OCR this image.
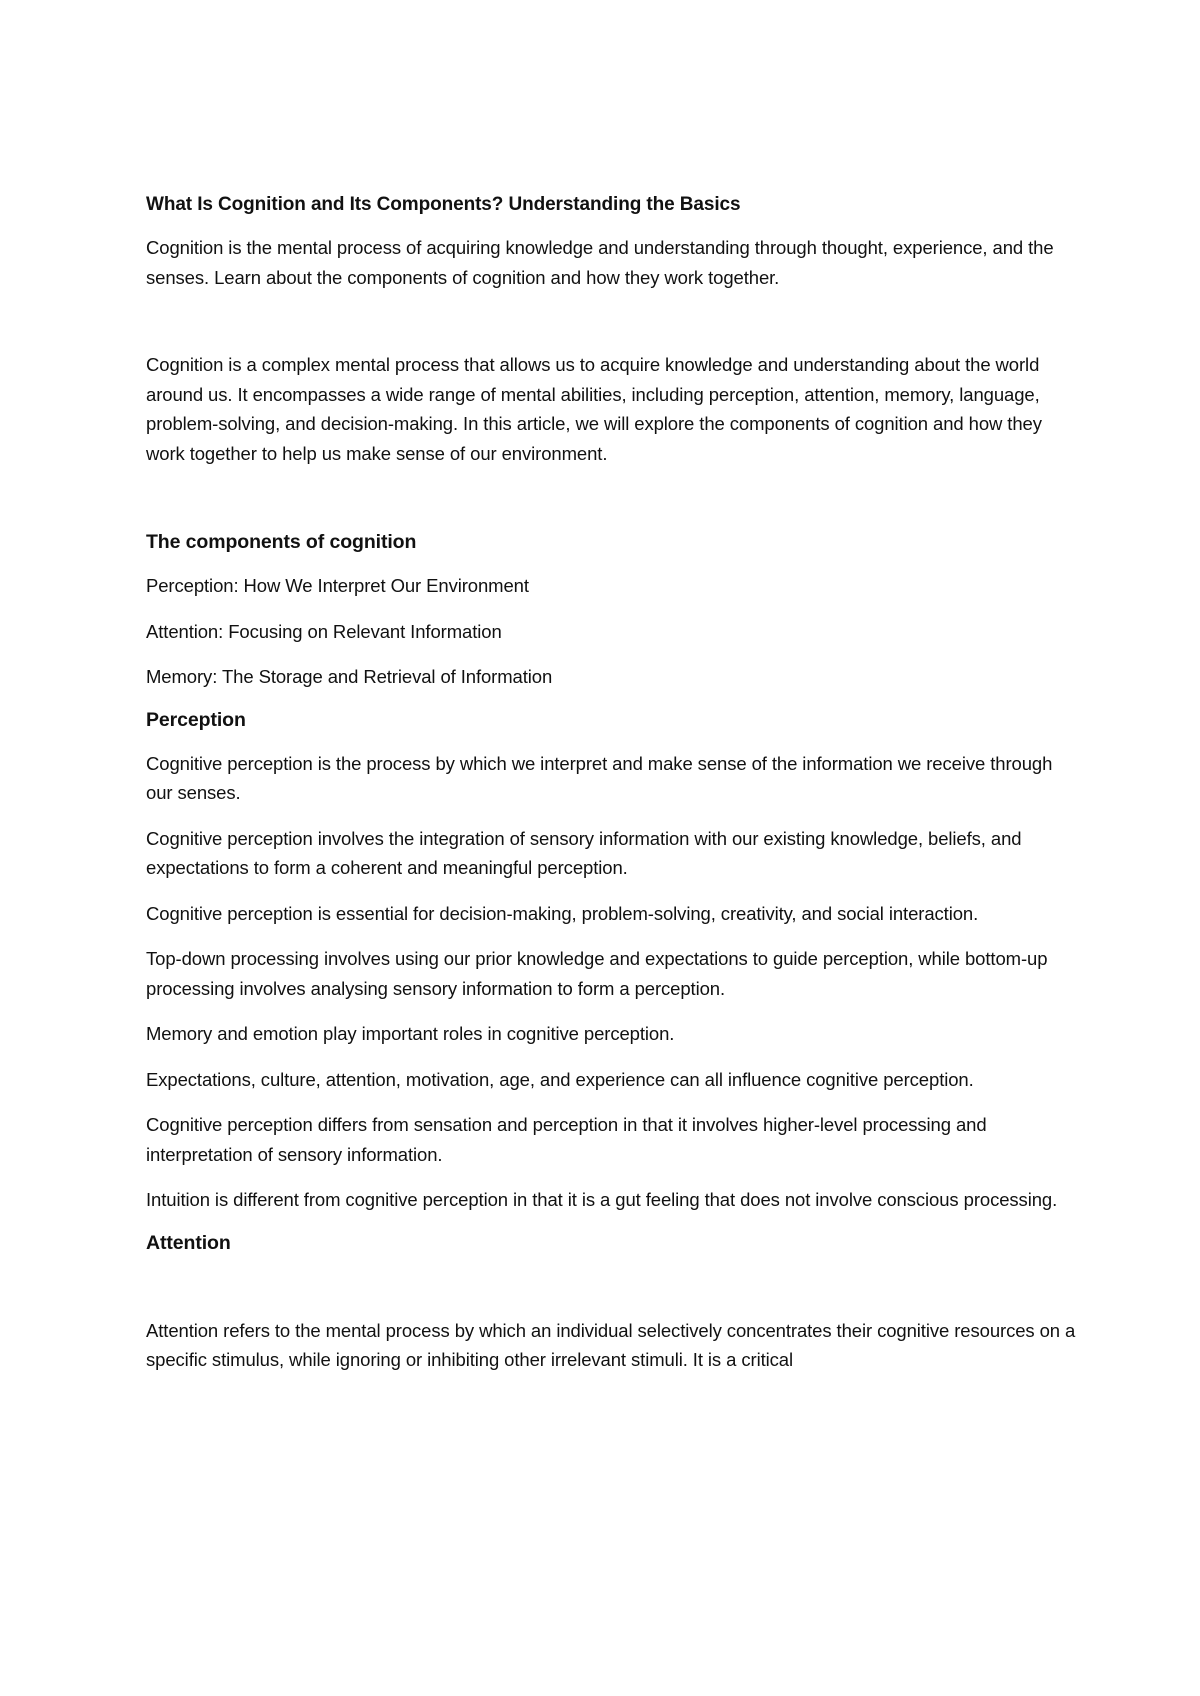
What Is Cognition and Its Components? Understanding the Basics

Cognition is the mental process of acquiring knowledge and understanding through thought, experience, and the senses. Learn about the components of cognition and how they work together.

Cognition is a complex mental process that allows us to acquire knowledge and understanding about the world around us. It encompasses a wide range of mental abilities, including perception, attention, memory, language, problem-solving, and decision-making. In this article, we will explore the components of cognition and how they work together to help us make sense of our environment.

The components of cognition

Perception: How We Interpret Our Environment

Attention: Focusing on Relevant Information

Memory: The Storage and Retrieval of Information

Perception

Cognitive perception is the process by which we interpret and make sense of the information we receive through our senses.

Cognitive perception involves the integration of sensory information with our existing knowledge, beliefs, and expectations to form a coherent and meaningful perception.

Cognitive perception is essential for decision-making, problem-solving, creativity, and social interaction.

Top-down processing involves using our prior knowledge and expectations to guide perception, while bottom-up processing involves analysing sensory information to form a perception.

Memory and emotion play important roles in cognitive perception.

Expectations, culture, attention, motivation, age, and experience can all influence cognitive perception.

Cognitive perception differs from sensation and perception in that it involves higher-level processing and interpretation of sensory information.

Intuition is different from cognitive perception in that it is a gut feeling that does not involve conscious processing.

Attention

Attention refers to the mental process by which an individual selectively concentrates their cognitive resources on a specific stimulus, while ignoring or inhibiting other irrelevant stimuli. It is a critical
